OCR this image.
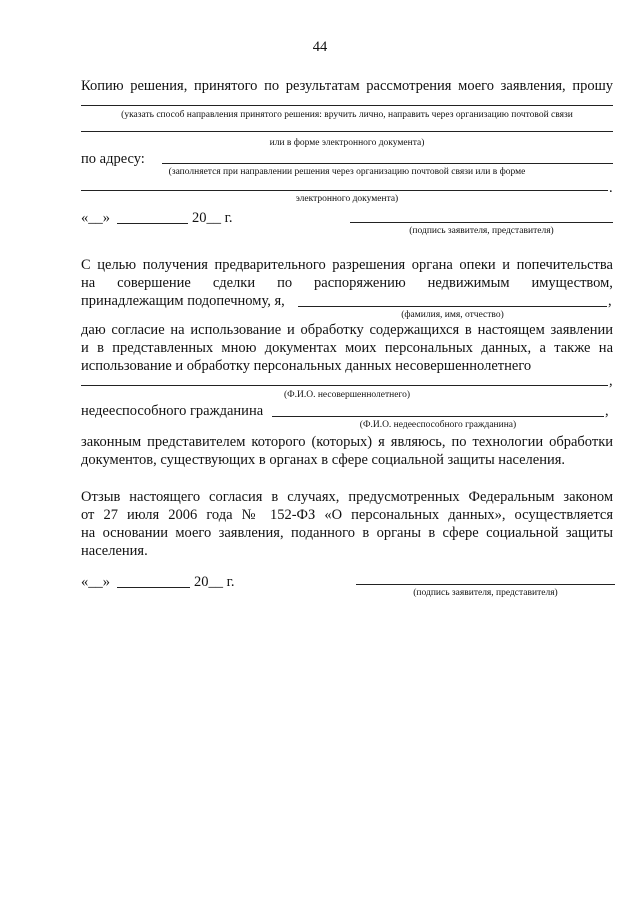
44
Копию решения, принятого по результатам рассмотрения моего заявления, прошу
(указать способ направления принятого решения: вручить лично, направить через организацию почтовой связи
или в форме электронного документа)
по адресу:
(заполняется при направлении решения через организацию почтовой связи или в форме
.
электронного документа)
«__»	20__ г.
(подпись заявителя, представителя)
С целью получения предварительного разрешения органа опеки и попечительства
на совершение сделки по распоряжению недвижимым имуществом,
принадлежащим подопечному, я,	,
(фамилия, имя, отчество)
даю согласие на использование и обработку содержащихся в настоящем заявлении
и в представленных мною документах моих персональных данных, а также на
использование и обработку персональных данных несовершеннолетнего
,
(Ф.И.О. несовершеннолетнего)
недееспособного гражданина	,
(Ф.И.О. недееспособного гражданина)
законным представителем которого (которых) я являюсь, по технологии обработки
документов, существующих в органах в сфере социальной защиты населения.
Отзыв настоящего согласия в случаях, предусмотренных Федеральным законом
от 27 июля 2006 года № 152-ФЗ «О персональных данных», осуществляется
на основании моего заявления, поданного в органы в сфере социальной защиты
населения.
«__»	20__ г.
(подпись заявителя, представителя)
